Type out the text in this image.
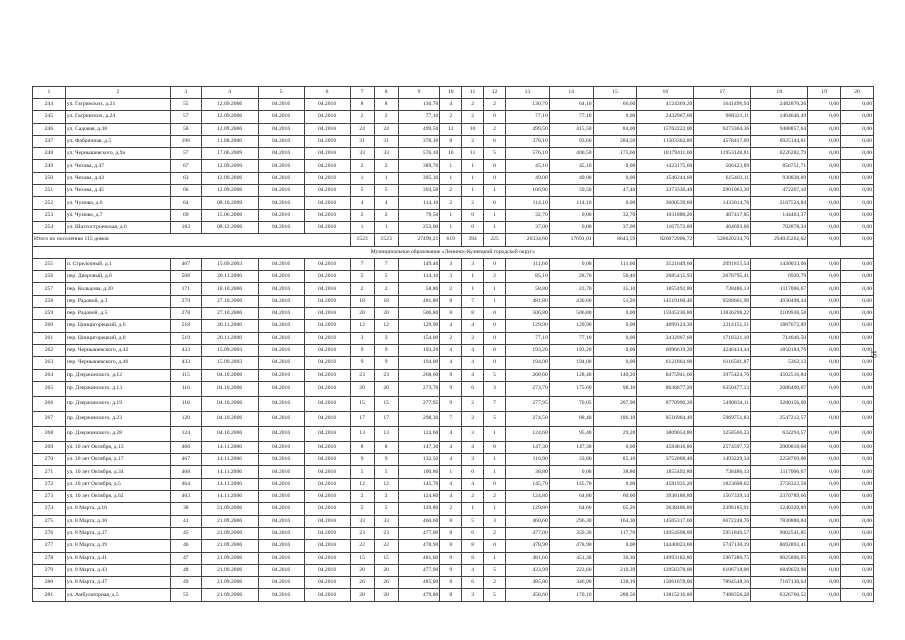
1	2	3	4	5	6	7	8	9	10	11	12	13	14	15	16	17	18	19	20
244	ул. Гагринских, д.21	55	12.09.2006	04.2016	04.2016	8	8	130,70	4	2	2	130,70	64,10	66,60	4124369,20	1641496,94	2482870,26	0,00	0,00
245	ул. Гагринских, д.24	57	12.09.2006	04.2016	04.2016	2	2	77,10	2	2	0	77,10	77,10	0,00	2432967,60	968321,11	1464646,49	0,00	0,00
246	ул. Садовая, д.38	58	12.09.2006	04.2016	04.2016	24	24	499,50	12	10	2	499,50	415,50	84,00	15762222,00	6273364,36	9488857,64	0,00	0,00
247	ул. Фабричная, д.5	196	11.08.2006	04.2016	04.2016	31	31	378,10	8	2	6	378,10	93,60	284,50	11503362,80	4578417,69	6925144,81	0,00	0,00
248	ул. Чернышевского, д.9а	57	17.06.2009	04.2016	04.2016	33	33	576,10	16	11	5	576,10	400,50	175,60	18179411,60	11953128,81	6226282,79	0,00	0,00
249	ул. Чехова, д.47	67	12.09.2009	04.2016	04.2016	2	2	389,70	1	1	0	45,10	45,10	0,00	1423175,60	566423,89	856751,71	0,00	0,00
250	ул. Чехова, д.43	63	12.09.2006	04.2016	04.2016	1	1	395,30	1	1	0	49,00	49,00	0,00	1546244,60	615403,11	930838,89	0,00	0,00
251	ул. Чехова, д.45	66	12.09.2006	04.2016	04.2016	5	5	394,50	2	1	1	106,90	59,50	47,40	3373336,40	2901063,30	472267,10	0,00	0,00
252	ул. Чумова, д.6	64	08.10.2009	04.2016	04.2016	4	4	114,10	2	2	0	114,10	114,10	0,00	3600539,60	1433014,76	2167524,84	0,00	0,00
253	ул. Чумова, д.7	69	15.06.2006	04.2016	04.2016	2	2	79,50	1	0	1	32,70	0,00	32,70	1031880,20	487417,85	144463,37	0,00	0,00
254	ул. Шахтостроевская, д.6	183	08.12.2006	04.2016	04.2016	1	1	253,00	1	0	1	37,00	0,00	37,00	1167572,00	464693,66	702878,34	0,00	0,00
Итого по поселению 115 домов						1523	1523	27490,21	619	394	225	26334,60	17691,01	8643,59	826072906,72	526620234,70	294035262,02	0,00	0,00
Муниципальное образование «Ленинск-Кузнецкий городской округ»																			
255	п. Стрелочный, д.1	467	15.09.2003	04.2016	04.2016	7	7	149,40	3	3	0	111,60	0,00	111,60	3521649,60	2091815,54	1430033,06	0,00	0,00
256	пер. Дворовый, д.6	508	20.11.2006	04.2016	04.2016	5	5	114,10	3	1	2	85,10	28,70	56,40	2685415,93	2678795,41	6920,79	0,00	0,00
257	пер. Кольцова, д.20	171	18.10.2006	04.2016	04.2016	2	2	58,80	2	1	1	58,80	23,70	35,10	1855492,80	738486,13	1117006,67	0,00	0,00
258	пер. Радовой, д.3	279	27.10.2006	04.2016	04.2016	18	18	481,80	8	7	1	481,80	430,60	51,20	14519160,40	9588601,96	4930498,44	0,00	0,00
259	пер. Радовой, д.5	278	27.10.2006	04.2016	04.2016	20	20	506,80	8	8	0	506,80	506,80	0,00	15945236,80	13836298,22	2109938,58	0,00	0,00
260	пер. Цинцигорецкий, д.6	518	20.11.2006	04.2016	04.2016	12	12	129,90	4	4	0	129,90	129,90	0,00	4099124,30	2214151,51	1887672,89	0,00	0,00
261	пер. Цинцигорецкий, д.8	519	20.11.2006	04.2016	04.2016	3	3	154,00	2	2	0	77,10	77,10	0,00	2432967,60	1718321,10	714646,50	0,00	0,00
262	пер. Чернышевского, д.42	433	15.09.2003	04.2016	04.2016	9	9	193,20	4	4	0	193,20	193,20	0,00	6096619,20	4246434,44	1850184,76	0,00	0,00
263	пер. Чернышевского, д.46	433	15.09.2003	04.2016	04.2016	9	9	194,00	4	4	0	194,00	194,00	0,00	6121864,00	6116501,87	5362,13	0,00	0,00
264	пр. Дзержинского, д.12	115	04.10.2006	04.2016	04.2016	23	23	268,60	9	4	5	268,60	128,40	140,20	8475941,60	3975424,76	4502516,84	0,00	0,00
265	пр. Дзержинского, д.13	116	04.10.2006	04.2016	04.2016	20	20	273,70	9	6	3	273,70	175,60	98,10	8636877,20	6350477,13	2086400,07	0,00	0,00
266	пр. Дзержинского, д.19	118	04.10.2006	04.2016	04.2016	15	15	277,95	9	2	7	277,95	70,05	207,90	8770990,20	5490834,11	3280156,09	0,00	0,00
267	пр. Дзержинского, д.23	120	04.10.2006	04.2016	04.2016	17	17	298,30	7	2	5	274,50	88,40	186,10	8516964,40	5969751,83	2547212,57	0,00	0,00
268	пр. Дзержинского, д.28	124	04.10.2006	04.2016	04.2016	13	13	124,60	4	3	1	124,60	95,40	29,20	3809054,80	3258566,23	632294,57	0,00	0,00
269	ул. 10 лет Октября, д.13	466	14.11.2006	04.2016	04.2016	8	8	147,30	4	4	0	147,30	147,30	0,00	4584816,80	2574597,72	2009818,68	0,00	0,00
270	ул. 10 лет Октября, д.17	467	14.11.2006	04.2016	04.2016	9	9	132,50	4	3	1	116,90	33,80	85,10	3752008,40	1493229,34	2258769,06	0,00	0,00
271	ул. 10 лет Октября, д.34	468	14.11.2006	04.2016	04.2016	5	5	100,80	1	0	1	38,80	0,00	38,80	1855492,80	738486,13	1117006,67	0,00	0,00
272	ул. 10 лет Октября, д.5	464	14.11.2006	04.2016	04.2016	12	12	145,70	4	4	0	145,70	145,70	0,00	4581931,20	1823608,62	2758322,58	0,00	0,00
273	ул. 10 лет Октября, д.62	463	14.11.2006	04.2016	04.2016	2	2	124,80	4	2	2	124,80	64,80	60,00	3938188,80	1567339,14	2370789,66	0,00	0,00
274	ул. 8 Марта, д.16	38	21.09.2006	04.2016	04.2016	5	5	129,80	2	1	1	129,80	64,60	65,20	3638406,80	2398185,91	1240320,89	0,00	0,00
275	ул. 8 Марта, д.30	41	21.09.2006	04.2016	04.2016	33	33	460,60	8	5	3	460,60	296,30	164,30	14505317,60	6672248,76	7830888,84	0,00	0,00
276	ул. 8 Марта, д.37	45	21.09.2006	04.2016	04.2016	23	23	477,00	8	6	2	477,00	359,30	117,70	14954598,00	5951849,57	9002541,85	0,00	0,00
277	ул. 8 Марта, д.39	46	21.09.2006	04.2016	04.2016	22	22	478,90	8	8	0	478,90	478,90	0,00	14440023,60	5747130,19	8692893,41	0,00	0,00
278	ул. 8 Марта, д.41	47	21.09.2006	04.2016	04.2016	15	15	481,60	9	8	1	481,60	451,30	30,30	14993182,80	5967286,75	9025896,05	0,00	0,00
279	ул. 8 Марта, д.43	48	21.09.2006	04.2016	04.2016	20	20	477,90	9	4	5	433,99	223,60	210,39	12956378,00	6106718,06	6849659,98	0,00	0,00
280	ул. 8 Марта, д.47	49	21.09.2006	04.2016	04.2016	26	26	485,00	8	6	2	485,00	346,90	138,10	15061678,00	7894548,16	7167130,64	0,00	0,00
281	ул. Амбулаторная, д.5	55	21.09.2006	04.2016	04.2016	28	28	479,80	8	3	5	458,60	170,10	288,50	13815216,80	7488356,28	6326760,52	0,00	0,00
19
